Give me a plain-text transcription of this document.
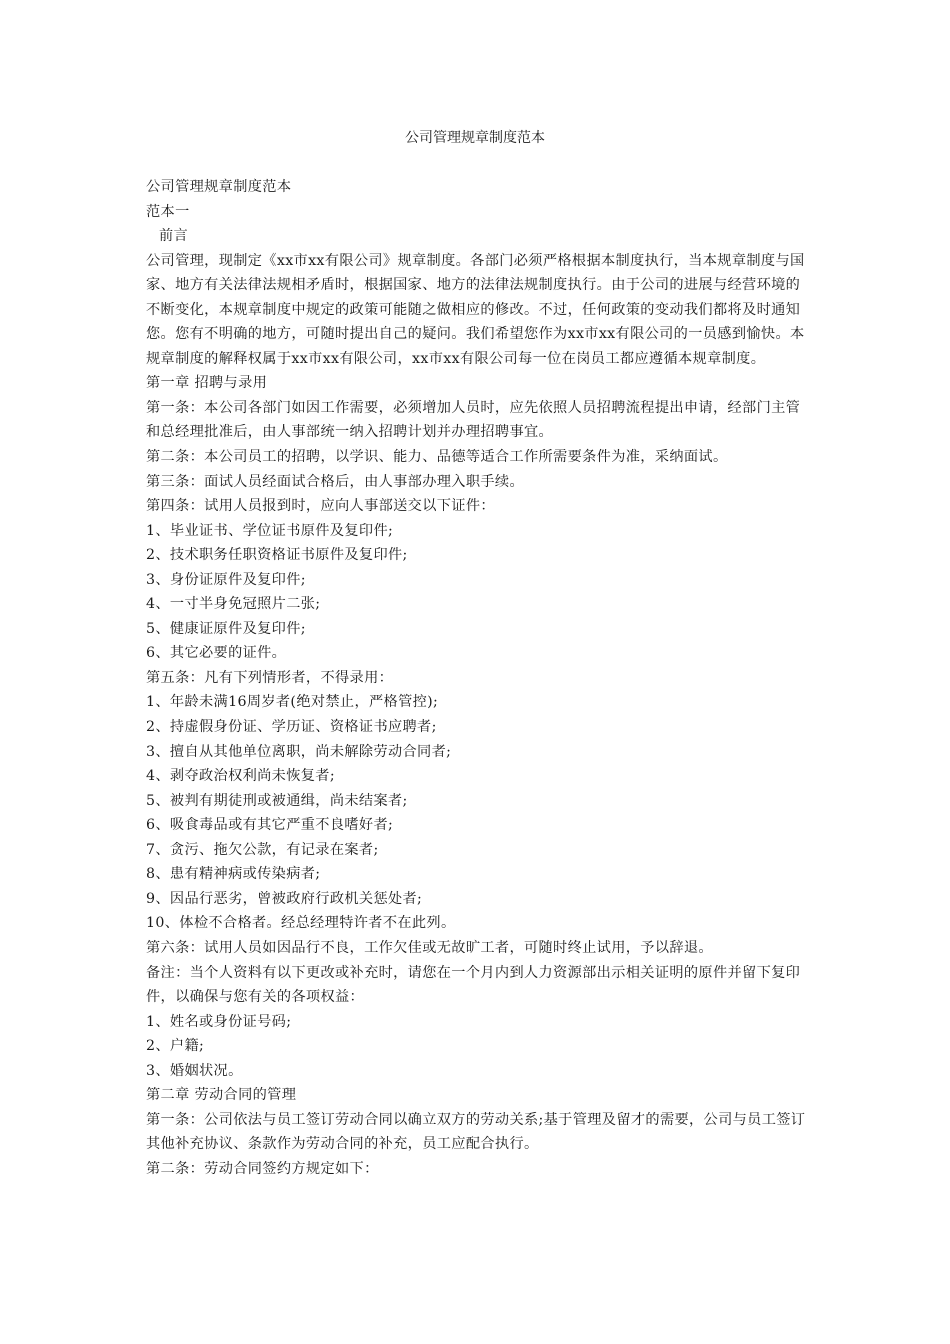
公司管理规章制度范本

公司管理规章制度范本

范本一

前言

公司管理，现制定《xx市xx有限公司》规章制度。各部门必须严格根据本制度执行，当本规章制度与国家、地方有关法律法规相矛盾时，根据国家、地方的法律法规制度执行。由于公司的进展与经营环境的不断变化，本规章制度中规定的政策可能随之做相应的修改。不过，任何政策的变动我们都将及时通知您。您有不明确的地方，可随时提出自己的疑问。我们希望您作为xx市xx有限公司的一员感到愉快。本规章制度的解释权属于xx市xx有限公司，xx市xx有限公司每一位在岗员工都应遵循本规章制度。

第一章 招聘与录用

第一条：本公司各部门如因工作需要，必须增加人员时，应先依照人员招聘流程提出申请，经部门主管和总经理批准后，由人事部统一纳入招聘计划并办理招聘事宜。

第二条：本公司员工的招聘，以学识、能力、品德等适合工作所需要条件为准，采纳面试。

第三条：面试人员经面试合格后，由人事部办理入职手续。

第四条：试用人员报到时，应向人事部送交以下证件：

1、毕业证书、学位证书原件及复印件;

2、技术职务任职资格证书原件及复印件;

3、身份证原件及复印件;

4、一寸半身免冠照片二张;

5、健康证原件及复印件;

6、其它必要的证件。

第五条：凡有下列情形者，不得录用：

1、年龄未满16周岁者(绝对禁止，严格管控);

2、持虚假身份证、学历证、资格证书应聘者;

3、擅自从其他单位离职，尚未解除劳动合同者;

4、剥夺政治权利尚未恢复者;

5、被判有期徒刑或被通缉，尚未结案者;

6、吸食毒品或有其它严重不良嗜好者;

7、贪污、拖欠公款，有记录在案者;

8、患有精神病或传染病者;

9、因品行恶劣，曾被政府行政机关惩处者;

10、体检不合格者。经总经理特许者不在此列。

第六条：试用人员如因品行不良，工作欠佳或无故旷工者，可随时终止试用，予以辞退。

备注：当个人资料有以下更改或补充时，请您在一个月内到人力资源部出示相关证明的原件并留下复印件，以确保与您有关的各项权益：

1、姓名或身份证号码;

2、户籍;

3、婚姻状况。

第二章 劳动合同的管理

第一条：公司依法与员工签订劳动合同以确立双方的劳动关系;基于管理及留才的需要，公司与员工签订其他补充协议、条款作为劳动合同的补充，员工应配合执行。

第二条：劳动合同签约方规定如下：
